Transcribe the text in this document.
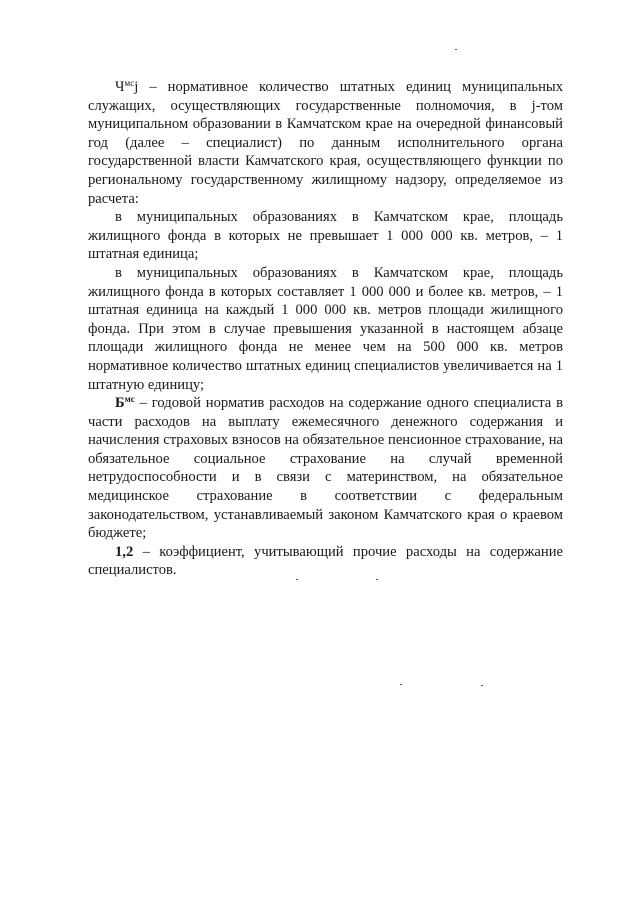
$Ч^{мс}j$ – нормативное количество штатных единиц муниципальных служащих, осуществляющих государственные полномочия, в j-том муниципальном образовании в Камчатском крае на очередной финансовый год (далее – специалист) по данным исполнительного органа государственной власти Камчатского края, осуществляющего функции по региональному государственному жилищному надзору, определяемое из расчета:

в муниципальных образованиях в Камчатском крае, площадь жилищного фонда в которых не превышает 1 000 000 кв. метров, – 1 штатная единица;

в муниципальных образованиях в Камчатском крае, площадь жилищного фонда в которых составляет 1 000 000 и более кв. метров, – 1 штатная единица на каждый 1 000 000 кв. метров площади жилищного фонда. При этом в случае превышения указанной в настоящем абзаце площади жилищного фонда не менее чем на 500 000 кв. метров нормативное количество штатных единиц специалистов увеличивается на 1 штатную единицу;

$Б^{мс}$ – годовой норматив расходов на содержание одного специалиста в части расходов на выплату ежемесячного денежного содержания и начисления страховых взносов на обязательное пенсионное страхование, на обязательное социальное страхование на случай временной нетрудоспособности и в связи с материнством, на обязательное медицинское страхование в соответствии с федеральным законодательством, устанавливаемый законом Камчатского края о краевом бюджете;

1,2 – коэффициент, учитывающий прочие расходы на содержание специалистов.
